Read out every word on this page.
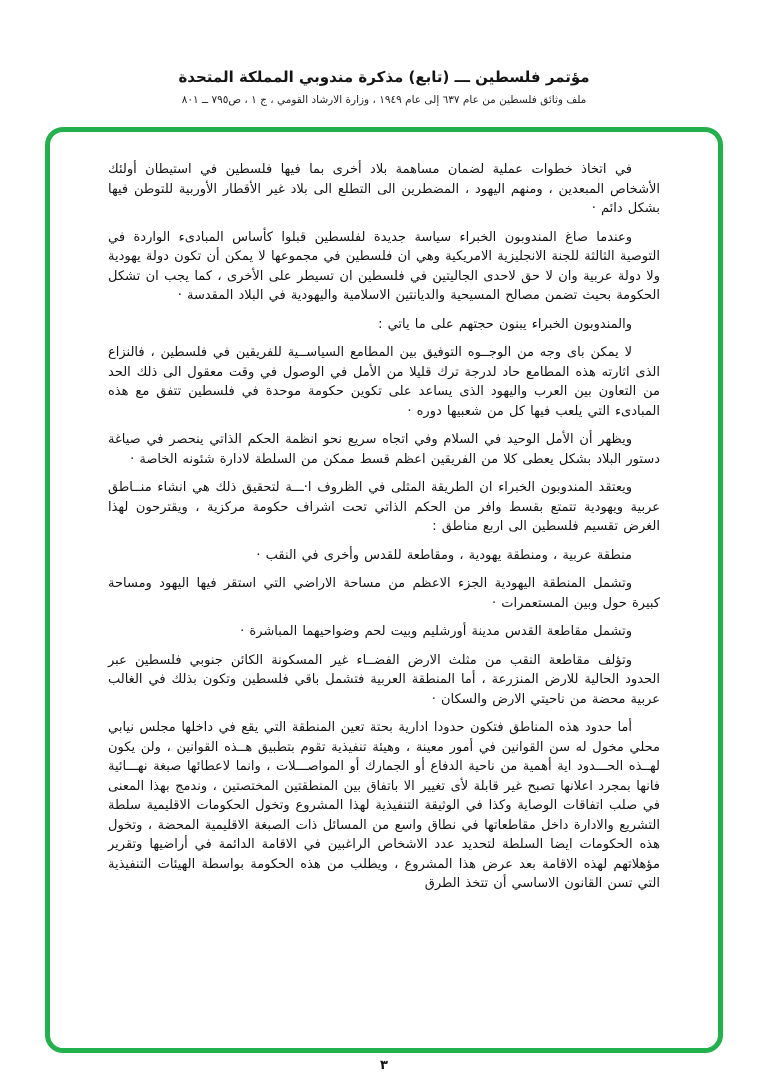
مؤتمر فلسطين ـــ (تابع) مذكرة مندوبي المملكة المتحدة
ملف وثائق فلسطين من عام ٦٣٧ إلى عام ١٩٤٩ ، وزارة الارشاد القومي ، ج ١ ، ص٧٩٥ ــ ٨٠١

في اتخاذ خطوات عملية لضمان مساهمة بلاد أخرى بما فيها فلسطين في استيطان أولئك الأشخاص المبعدين ، ومنهم اليهود ، المضطرين الى التطلع الى بلاد غير الأقطار الأوربية للتوطن فيها بشكل دائم ·

وعندما صاغ المندوبون الخبراء سياسة جديدة لفلسطين قبلوا كأساس المبادىء الواردة في التوصية الثالثة للجنة الانجليزية الامريكية وهي ان فلسطين في مجموعها لا يمكن أن تكون دولة يهودية ولا دولة عربية وان لا حق لاحدى الجاليتين في فلسطين ان تسيطر على الأخرى ، كما يجب ان تشكل الحكومة بحيث تضمن مصالح المسيحية والديانتين الاسلامية واليهودية في البلاد المقدسة ·

والمندوبون الخبراء يبنون حجتهم على ما ياتي :

لا يمكن باى وجه من الوجــوه التوفيق بين المطامع السياســية للفريقين في فلسطين ، فالنزاع الذى اثارته هذه المطامع حاد لدرجة ترك قليلا من الأمل في الوصول في وقت معقول الى ذلك الحد من التعاون بين العرب واليهود الذى يساعد على تكوين حكومة موحدة في فلسطين تتفق مع هذه المبادىء التي يلعب فيها كل من شعبيها دوره ·

ويظهر أن الأمل الوحيد في السلام وفي اتجاه سريع نحو انظمة الحكم الذاتي ينحصر في صياغة دستور البلاد بشكل يعطى كلا من الفريقين اعظم قسط ممكن من السلطة لادارة شئونه الخاصة ·

ويعتقد المندوبون الخبراء ان الطريقة المثلى في الظروف ا·ـــة لتحقيق ذلك هي انشاء منــاطق عربية ويهودية تتمتع بقسط وافر من الحكم الذاتي تحت اشراف حكومة مركزية ، ويقترحون لهذا الغرض تقسيم فلسطين الى اربع مناطق :

منطقة عربية ، ومنطقة يهودية ، ومقاطعة للقدس وأخرى في النقب ·

وتشمل المنطقة اليهودية الجزء الاعظم من مساحة الاراضي التي استقر فيها اليهود ومساحة كبيرة حول وبين المستعمرات ·

وتشمل مقاطعة القدس مدينة أورشليم وبيت لحم وضواحيهما المباشرة ·

وتؤلف مقاطعة النقب من مثلث الارض الفضــاء غير المسكونة الكائن جنوبي فلسطين عبر الحدود الحالية للارض المنزرعة ، أما المنطقة العربية فتشمل باقي فلسطين وتكون بذلك في الغالب عربية محضة من ناحيتي الارض والسكان ·

أما حدود هذه المناطق فتكون حدودا ادارية بحتة تعين المنطقة التي يقع في داخلها مجلس نيابي محلي مخول له سن القوانين في أمور معينة ، وهيئة تنفيذية تقوم بتطبيق هــذه القوانين ، ولن يكون لهــذه الحـــدود اية أهمية من ناحية الدفاع أو الجمارك أو المواصـــلات ، وانما لاعطائها صبغة نهـــائية فانها بمجرد اعلانها تصبح غير قابلة لأى تغيير الا باتفاق بين المنطقتين المختصتين ، وندمج بهذا المعنى في صلب اتفاقات الوصاية وكذا في الوثيقة التنفيذية لهذا المشروع وتخول الحكومات الاقليمية سلطة التشريع والادارة داخل مقاطعاتها في نطاق واسع من المسائل ذات الصبغة الاقليمية المحضة ، وتخول هذه الحكومات ايضا السلطة لتحديد عدد الاشخاص الراغبين في الاقامة الدائمة في أراضيها وتقرير مؤهلاتهم لهذه الاقامة بعد عرض هذا المشروع ، ويطلب من هذه الحكومة بواسطة الهيئات التنفيذية التي تسن القانون الاساسي أن تتخذ الطرق

٣
